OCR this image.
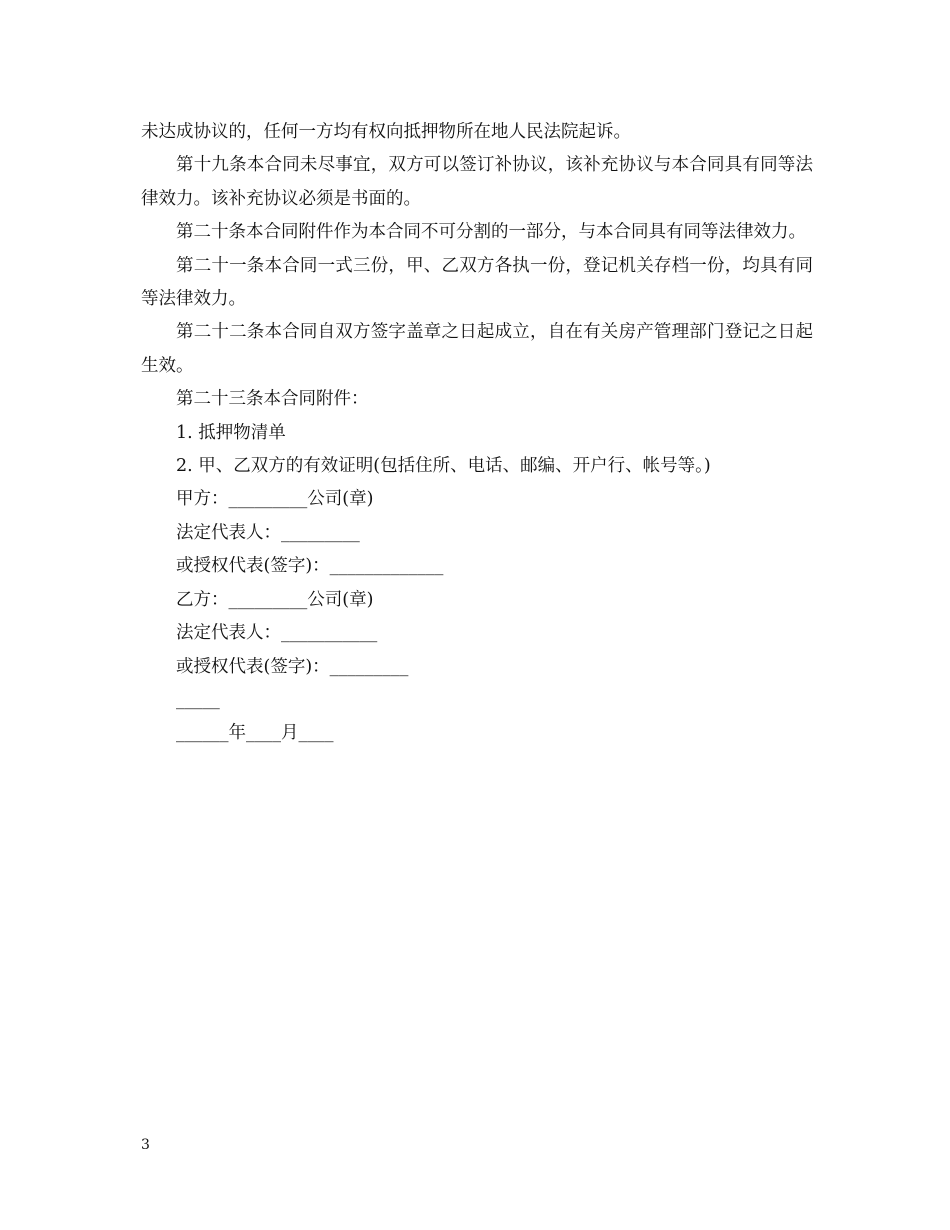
未达成协议的，任何一方均有权向抵押物所在地人民法院起诉。

第十九条本合同未尽事宜，双方可以签订补协议，该补充协议与本合同具有同等法律效力。该补充协议必须是书面的。

第二十条本合同附件作为本合同不可分割的一部分，与本合同具有同等法律效力。

第二十一条本合同一式三份，甲、乙双方各执一份，登记机关存档一份，均具有同等法律效力。

第二十二条本合同自双方签字盖章之日起成立，自在有关房产管理部门登记之日起生效。

第二十三条本合同附件：

1. 抵押物清单

2. 甲、乙双方的有效证明(包括住所、电话、邮编、开户行、帐号等。)

甲方：_________公司(章)

法定代表人：_________

或授权代表(签字)：_____________

乙方：_________公司(章)

法定代表人：___________

或授权代表(签字)：_________

_____

______年____月____

3
